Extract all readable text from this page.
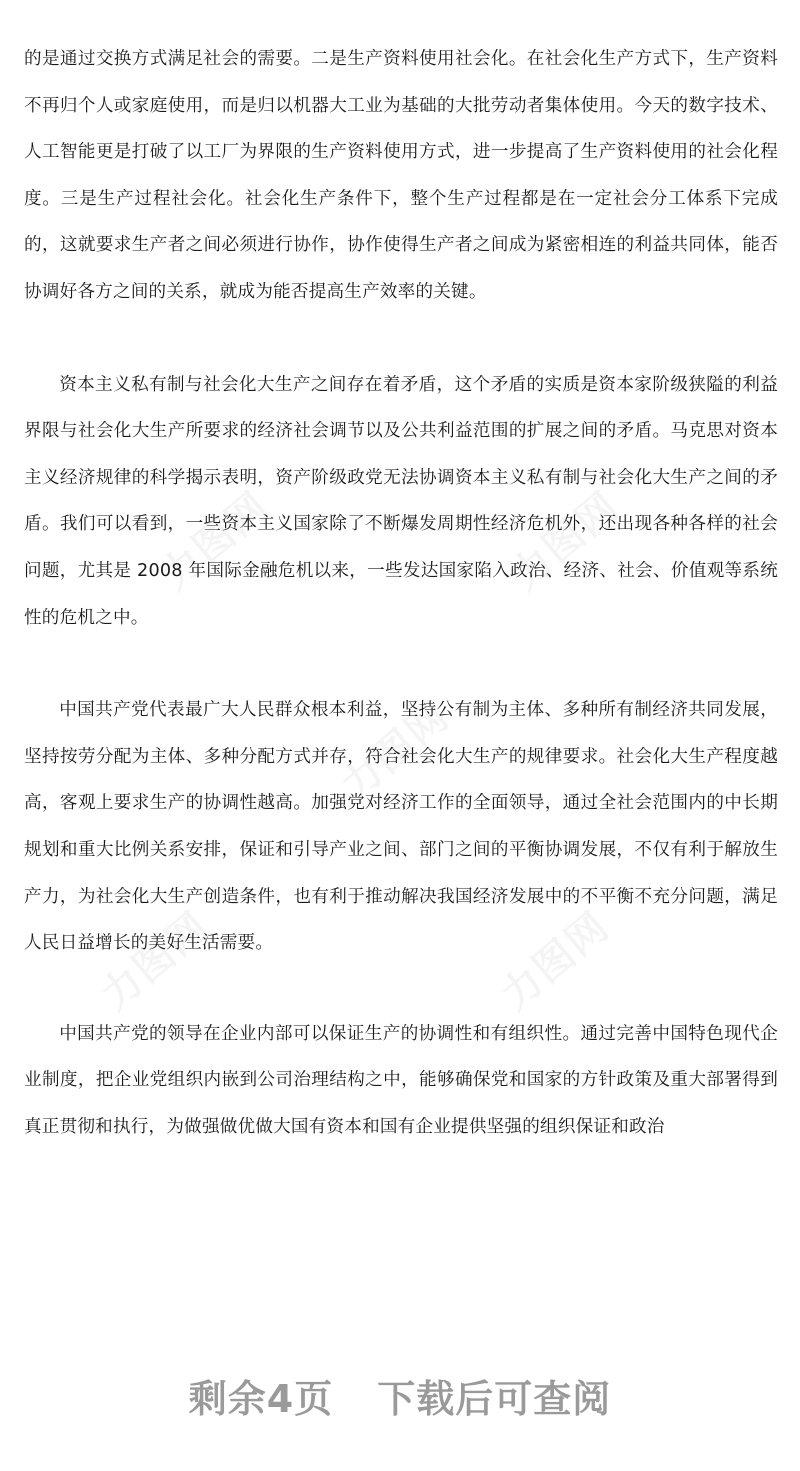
的是通过交换方式满足社会的需要。二是生产资料使用社会化。在社会化生产方式下，生产资料不再归个人或家庭使用，而是归以机器大工业为基础的大批劳动者集体使用。今天的数字技术、人工智能更是打破了以工厂为界限的生产资料使用方式，进一步提高了生产资料使用的社会化程度。三是生产过程社会化。社会化生产条件下，整个生产过程都是在一定社会分工体系下完成的，这就要求生产者之间必须进行协作，协作使得生产者之间成为紧密相连的利益共同体，能否协调好各方之间的关系，就成为能否提高生产效率的关键。

资本主义私有制与社会化大生产之间存在着矛盾，这个矛盾的实质是资本家阶级狭隘的利益界限与社会化大生产所要求的经济社会调节以及公共利益范围的扩展之间的矛盾。马克思对资本主义经济规律的科学揭示表明，资产阶级政党无法协调资本主义私有制与社会化大生产之间的矛盾。我们可以看到，一些资本主义国家除了不断爆发周期性经济危机外，还出现各种各样的社会问题，尤其是 2008 年国际金融危机以来，一些发达国家陷入政治、经济、社会、价值观等系统性的危机之中。

中国共产党代表最广大人民群众根本利益，坚持公有制为主体、多种所有制经济共同发展，坚持按劳分配为主体、多种分配方式并存，符合社会化大生产的规律要求。社会化大生产程度越高，客观上要求生产的协调性越高。加强党对经济工作的全面领导，通过全社会范围内的中长期规划和重大比例关系安排，保证和引导产业之间、部门之间的平衡协调发展，不仅有利于解放生产力，为社会化大生产创造条件，也有利于推动解决我国经济发展中的不平衡不充分问题，满足人民日益增长的美好生活需要。

中国共产党的领导在企业内部可以保证生产的协调性和有组织性。通过完善中国特色现代企业制度，把企业党组织内嵌到公司治理结构之中，能够确保党和国家的方针政策及重大部署得到真正贯彻和执行，为做强做优做大国有资本和国有企业提供坚强的组织保证和政治

剩余4页 下载后可查阅
